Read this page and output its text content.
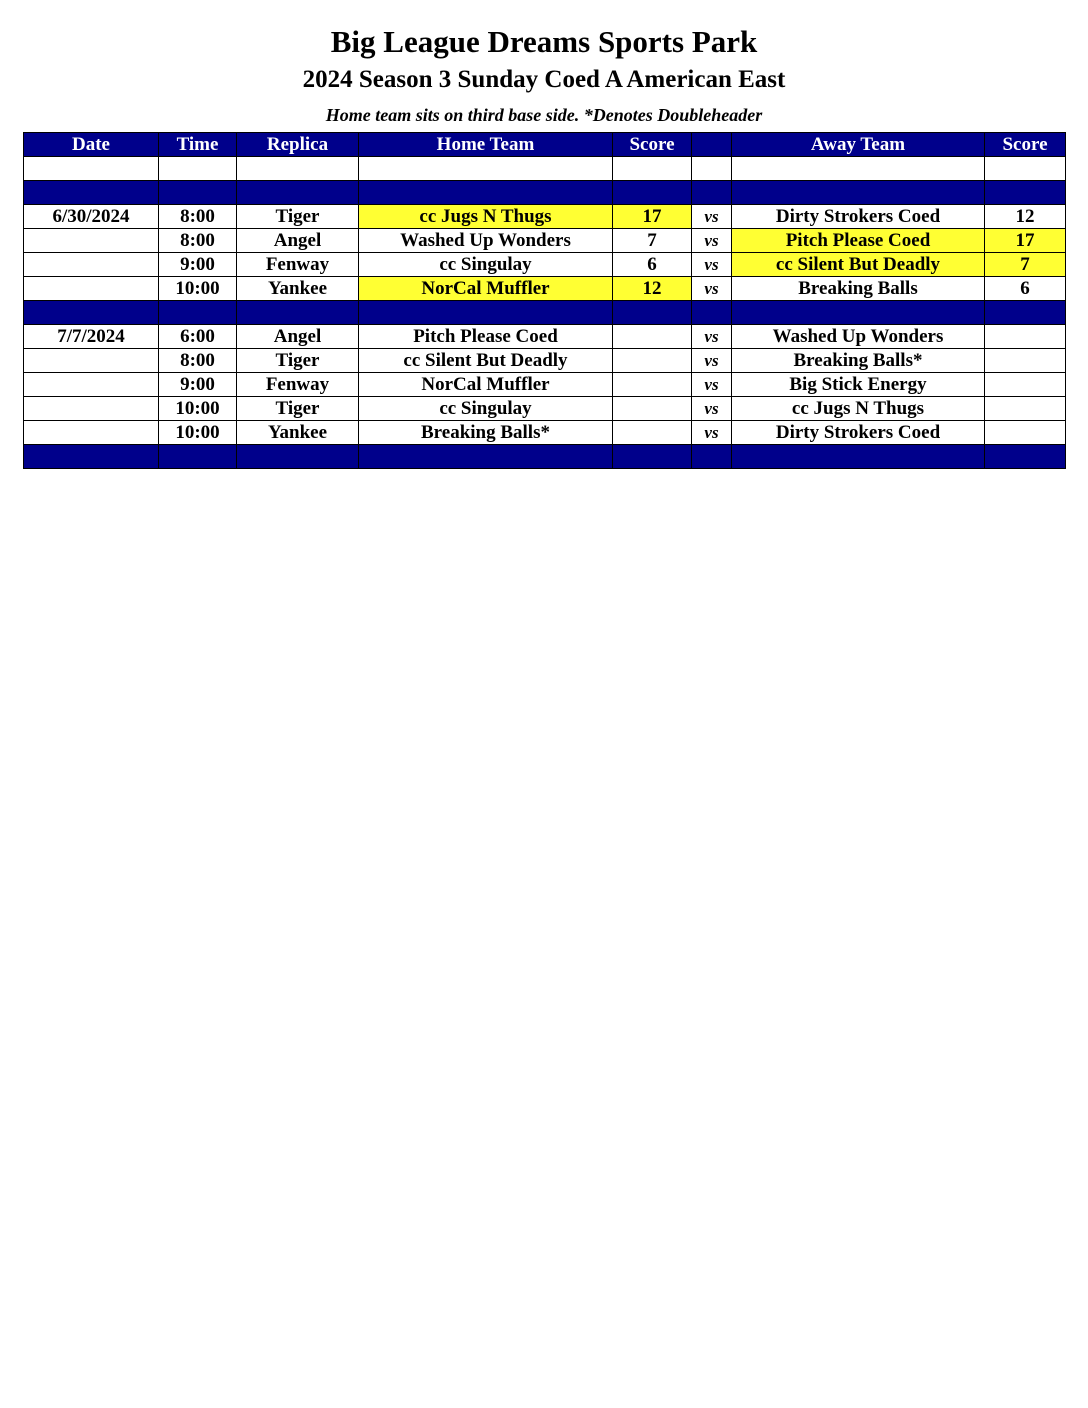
Big League Dreams Sports Park
2024 Season 3 Sunday Coed A American East
Home team sits on third base side. *Denotes Doubleheader
Date	Time	Replica	Home Team	Score		Away Team	Score

6/30/2024	8:00	Tiger	cc Jugs N Thugs	17	vs	Dirty Strokers Coed	12
	8:00	Angel	Washed Up Wonders	7	vs	Pitch Please Coed	17
	9:00	Fenway	cc Singulay	6	vs	cc Silent But Deadly	7
	10:00	Yankee	NorCal Muffler	12	vs	Breaking Balls	6

7/7/2024	6:00	Angel	Pitch Please Coed		vs	Washed Up Wonders	
	8:00	Tiger	cc Silent But Deadly		vs	Breaking Balls*	
	9:00	Fenway	NorCal Muffler		vs	Big Stick Energy	
	10:00	Tiger	cc Singulay		vs	cc Jugs N Thugs	
	10:00	Yankee	Breaking Balls*		vs	Dirty Strokers Coed	
